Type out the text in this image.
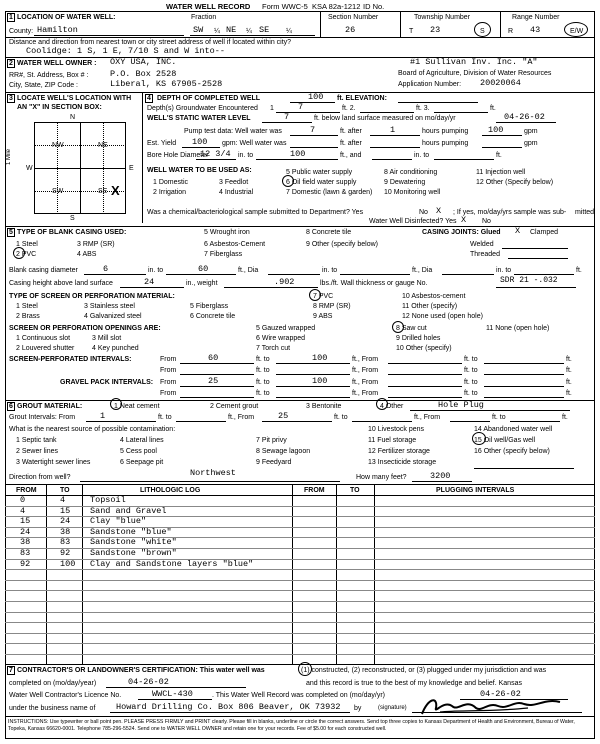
WATER WELL RECORD Form WWC-5 KSA 82a-1212 ID No.
1 LOCATION OF WATER WELL:	Fraction	Section Number	Township Number	Range Number
County: Hamilton	SW ¼ NE ¼ SE ¼	26	T 23	S	R 43	E/W
Distance and direction from nearest town or city street address of well if located within city?
Coolidge: 1 S, 1 E, 7/10 S and W into--
2 WATER WELL OWNER :
RR#, St. Address, Box # :
City, State, ZIP Code :
OXY USA, INC.
P.O. Box 2528
Liberal, KS 67905-2528
#1 Sullivan Inv. Inc. "A"
Board of Agriculture, Division of Water Resources
Application Number: 20020064
3 LOCATE WELL'S LOCATION WITH
AN "X" IN SECTION BOX:
N
NW	NE
SW	SE X
W	E
S
1 Mile
4 DEPTH OF COMPLETED WELL	100 ft. ELEVATION:
Depth(s) Groundwater Encountered 1	7	ft. 2.	ft. 3.	ft.
WELL'S STATIC WATER LEVEL	7	ft. below land surface measured on mo/day/yr	04-26-02
Pump test data: Well water was	7	ft. after	1	hours pumping 100	gpm
Est. Yield 100 gpm: Well water was	ft. after	hours pumping	gpm
Bore Hole Diameter
12 3/4 in. to	100	ft., and	in. to	ft.
WELL WATER TO BE USED AS:
1 Domestic
2 Irrigation
3 Feedlot
4 Industrial
5 Public water supply
6 Oil field water supply
7 Domestic (lawn & garden)
8 Air conditioning
9 Dewatering
10 Monitoring well
11 Injection well
12 Other (Specify below)
Was a chemical/bacteriological sample submitted to Department? Yes	No X ; If yes, mo/day/yrs sample was sub- mitted
Water Well Disinfected? Yes X No
5 TYPE OF BLANK CASING USED:
1 Steel
2 PVC
3 RMP (SR)
4 ABS
5 Wrought iron
6 Asbestos-Cement
7 Fiberglass
8 Concrete tile
9 Other (specify below)
CASING JOINTS: Glued X Clamped
Welded
Threaded
Blank casing diameter	6	in. to	60	ft., Dia	in. to	ft., Dia	in. to	ft.
Casing height above land surface	24	in., weight	.902	lbs./ft. Wall thickness or gauge No.	SDR 21 -.032
TYPE OF SCREEN OR PERFORATION MATERIAL:
1 Steel
2 Brass
3 Stainless steel
4 Galvanized steel
5 Fiberglass
6 Concrete tile
7 PVC
8 RMP (SR)
9 ABS
10 Asbestos-cement
11 Other (specify)
12 None used (open hole)
SCREEN OR PERFORATION OPENINGS ARE:
1 Continuous slot
2 Louvered shutter
3 Mill slot
4 Key punched
5 Gauzed wrapped
6 Wire wrapped
7 Torch cut
8 Saw cut
9 Drilled holes
10 Other (specify)
11 None (open hole)
SCREEN-PERFORATED INTERVALS:	From	60	ft. to	100	ft., From	ft. to	ft.
From	ft. to	ft., From	ft. to	ft.
GRAVEL PACK INTERVALS: From	25	ft. to	100	ft., From	ft. to	ft.
From	ft. to	ft., From	ft. to	ft.
6 GROUT MATERIAL:	1 Neat cement	2 Cement grout	3 Bentonite	4 Other	Hole Plug
Grout Intervals: From	1	ft. to	ft., From	25	ft. to	ft., From	ft. to	ft.
What is the nearest source of possible contamination:
1 Septic tank
2 Sewer lines
3 Watertight sewer lines
4 Lateral lines
5 Cess pool
6 Seepage pit
7 Pit privy
8 Sewage lagoon
9 Feedyard
10 Livestock pens
11 Fuel storage
12 Fertilizer storage
13 Insecticide storage
14 Abandoned water well
15 Oil well/Gas well
16 Other (specify below)
Direction from well?	Northwest	How many feet?	3200
FROM	TO	LITHOLOGIC LOG	FROM	TO	PLUGGING INTERVALS
0	4	Topsoil
4	15 Sand and Gravel
15	24 Clay "blue"
24	38 Sandstone "blue"
38	83 Sandstone "white"
83	92 Sandstone "brown"
92	100 Clay and Sandstone layers "blue"
7 CONTRACTOR'S OR LANDOWNER'S CERTIFICATION: This water well was	(1) constructed, (2) reconstructed, or (3) plugged under my jurisdiction and was
completed on (mo/day/year)	04-26-02	and this record is true to the best of my knowledge and belief. Kansas
Water Well Contractor's Licence No.	WWCL-430	. This Water Well Record was completed on (mo/day/yr)	04-26-02
under the business name of Howard Drilling Co. Box 806 Beaver, OK 73932 by	(signature)
INSTRUCTIONS: Use typewriter or ball point pen. PLEASE PRESS FIRMLY and PRINT clearly. Please fill in blanks, underline or circle the correct answers. Send top three copies to Kansas Department of Health and Environment, Bureau of Water, Topeka, Kansas 66620-0001. Telephone 785-296-5524. Send one to WATER WELL OWNER and retain one for your records. Fee of $5.00 for each constructed well.
